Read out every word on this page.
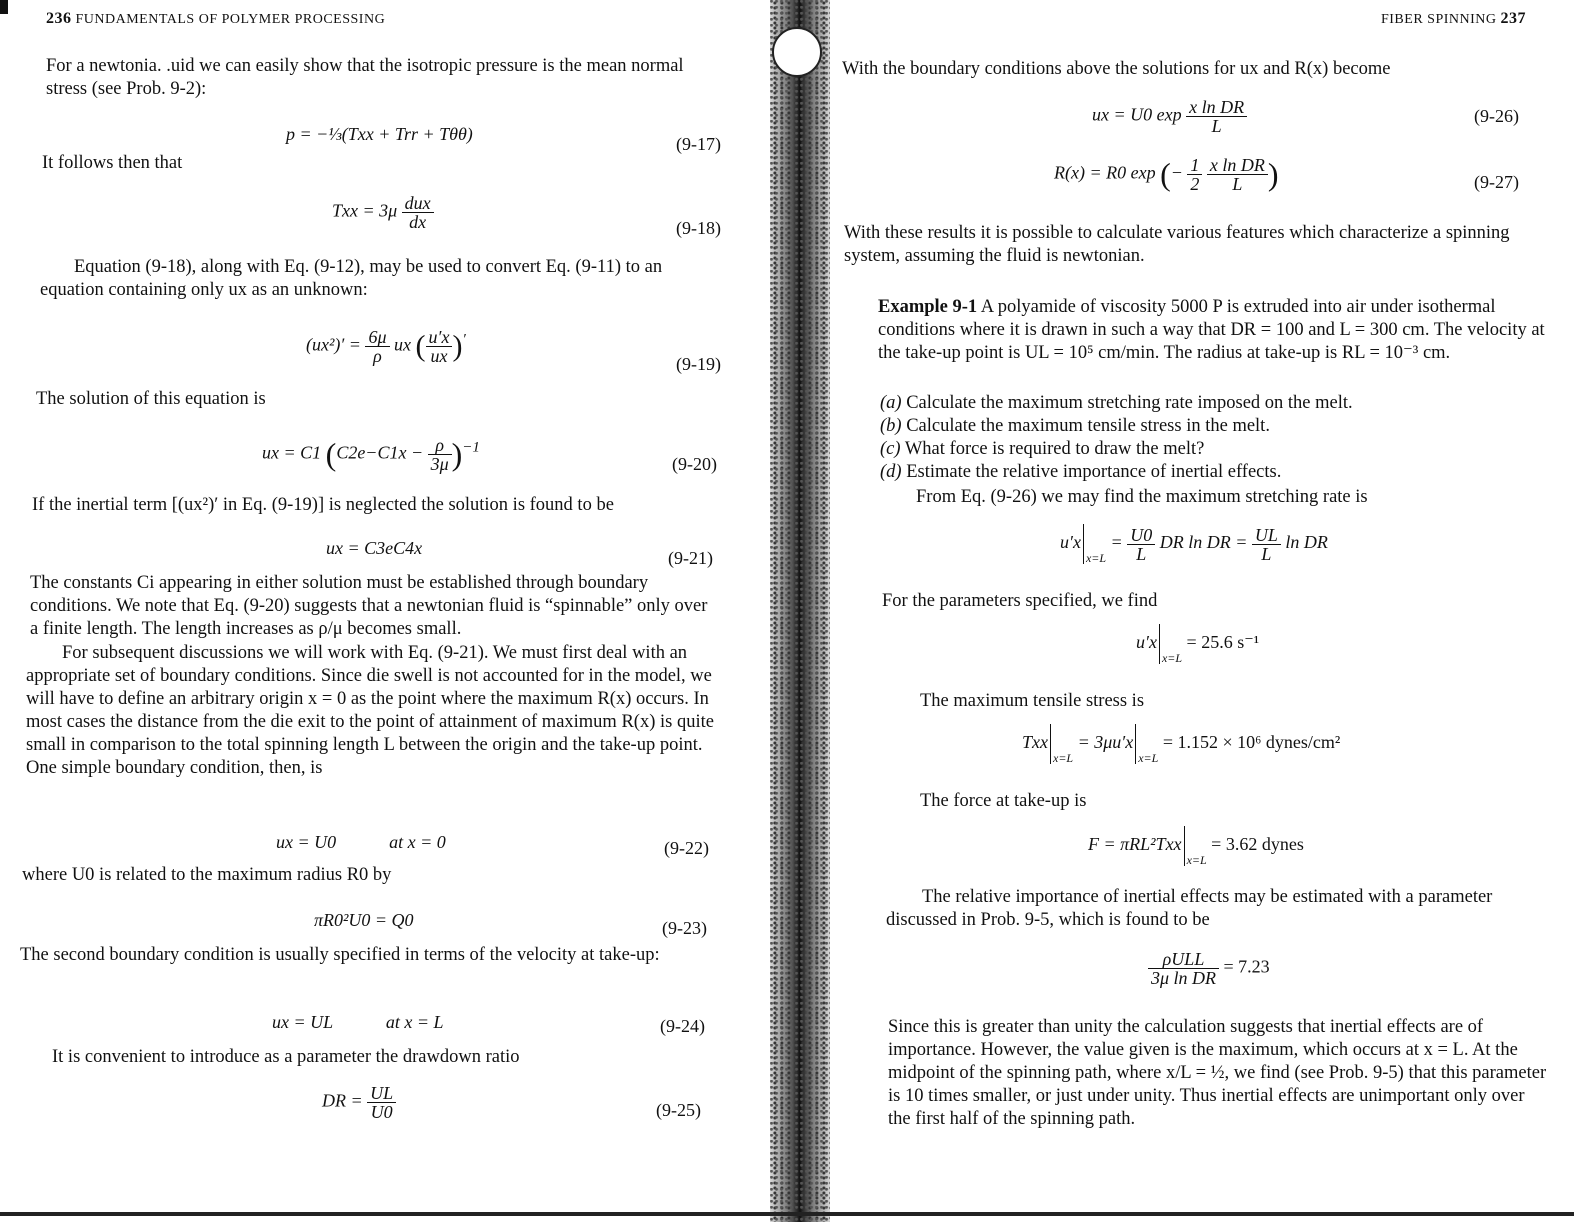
236 FUNDAMENTALS OF POLYMER PROCESSING
For a newtonia. .uid we can easily show that the isotropic pressure is the mean normal stress (see Prob. 9-2):
p = −⅓(Txx + Trr + Tθθ)	(9-17)
It follows then that
Txx = $3\mu \frac{\text{dux}}{dx}$	(9-18)
Equation (9-18), along with Eq. (9-12), may be used to convert Eq. (9-11) to an equation containing only ux as an unknown:
$(ux^2)' = \frac{6\mu}{\rho}$ ux ( $\frac{u'x}{ux} )'$
(9-19)
The solution of this equation is
ux = C1 $(C2e-C1x - \frac{\rho}{3\mu} )^{-1}$
(9-20)
If the inertial term [(ux²)′ in Eq. (9-19)] is neglected the solution is found to be
ux = C3eC4x	(9-21)
The constants Ci appearing in either solution must be established through boundary conditions. We note that Eq. (9-20) suggests that a newtonian fluid is “spinnable” only over a finite length. The length increases as ρ/μ becomes small.
For subsequent discussions we will work with Eq. (9-21). We must first deal with an appropriate set of boundary conditions. Since die swell is not accounted for in the model, we will have to define an arbitrary origin x = 0 as the point where the maximum R(x) occurs. In most cases the distance from the die exit to the point of attainment of maximum R(x) is quite small in comparison to the total spinning length L between the origin and the take-up point. One simple boundary condition, then, is
ux = U0	at x = 0	(9-22)
where U0 is related to the maximum radius R0 by
πR0²U0 = Q0	(9-23)
The second boundary condition is usually specified in terms of the velocity at take-up:
ux = UL	at x = L	(9-24)
It is convenient to introduce as a parameter the drawdown ratio
DR = $\frac{UL}{U0}$	(9-25)
FIBER SPINNING 237
With the boundary conditions above the solutions for ux and R(x) become
ux = U0 $\exp \frac{\text{x ln DR}}{L}$	(9-26)
R(x) = R0 exp (− $\frac{1}{2}$
$\frac{\text{x ln DR}}{L}$ )	(9-27)
With these results it is possible to calculate various features which characterize a spinning system, assuming the fluid is newtonian.
Example 9-1 A polyamide of viscosity 5000 P is extruded into air under isothermal conditions where it is drawn in such a way that DR = 100 and L = 300 cm. The velocity at the take-up point is UL = 10⁵ cm/min. The radius at take-up is RL = 10⁻³ cm.
(a) Calculate the maximum stretching rate imposed on the melt.
(b) Calculate the maximum tensile stress in the melt.
(c) What force is required to draw the melt?
(d) Estimate the relative importance of inertial effects.
From Eq. (9-26) we may find the maximum stretching rate is
$u'x_{x=L} = \frac{U0}{L}$ DR ln DR = $\frac{UL}{L}$ ln DR
For the parameters specified, we find
$u'x_{x=L} = 25.6$ s⁻¹
The maximum tensile stress is
$Txx_{x=L} = 3\mu u'x_{x=L} = 1.152 \times 10^6$ dynes/cm²
The force at take-up is
F = πRL²Txx$_{x=L}$ = 3.62 dynes
The relative importance of inertial effects may be estimated with a parameter discussed in Prob. 9-5, which is found to be
$\frac{\text{ρULL}}{\text{3μ ln DR}} = 7.23$
Since this is greater than unity the calculation suggests that inertial effects are of importance. However, the value given is the maximum, which occurs at x = L. At the midpoint of the spinning path, where x/L = ½, we find (see Prob. 9-5) that this parameter is 10 times smaller, or just under unity. Thus inertial effects are unimportant only over the first half of the spinning path.
